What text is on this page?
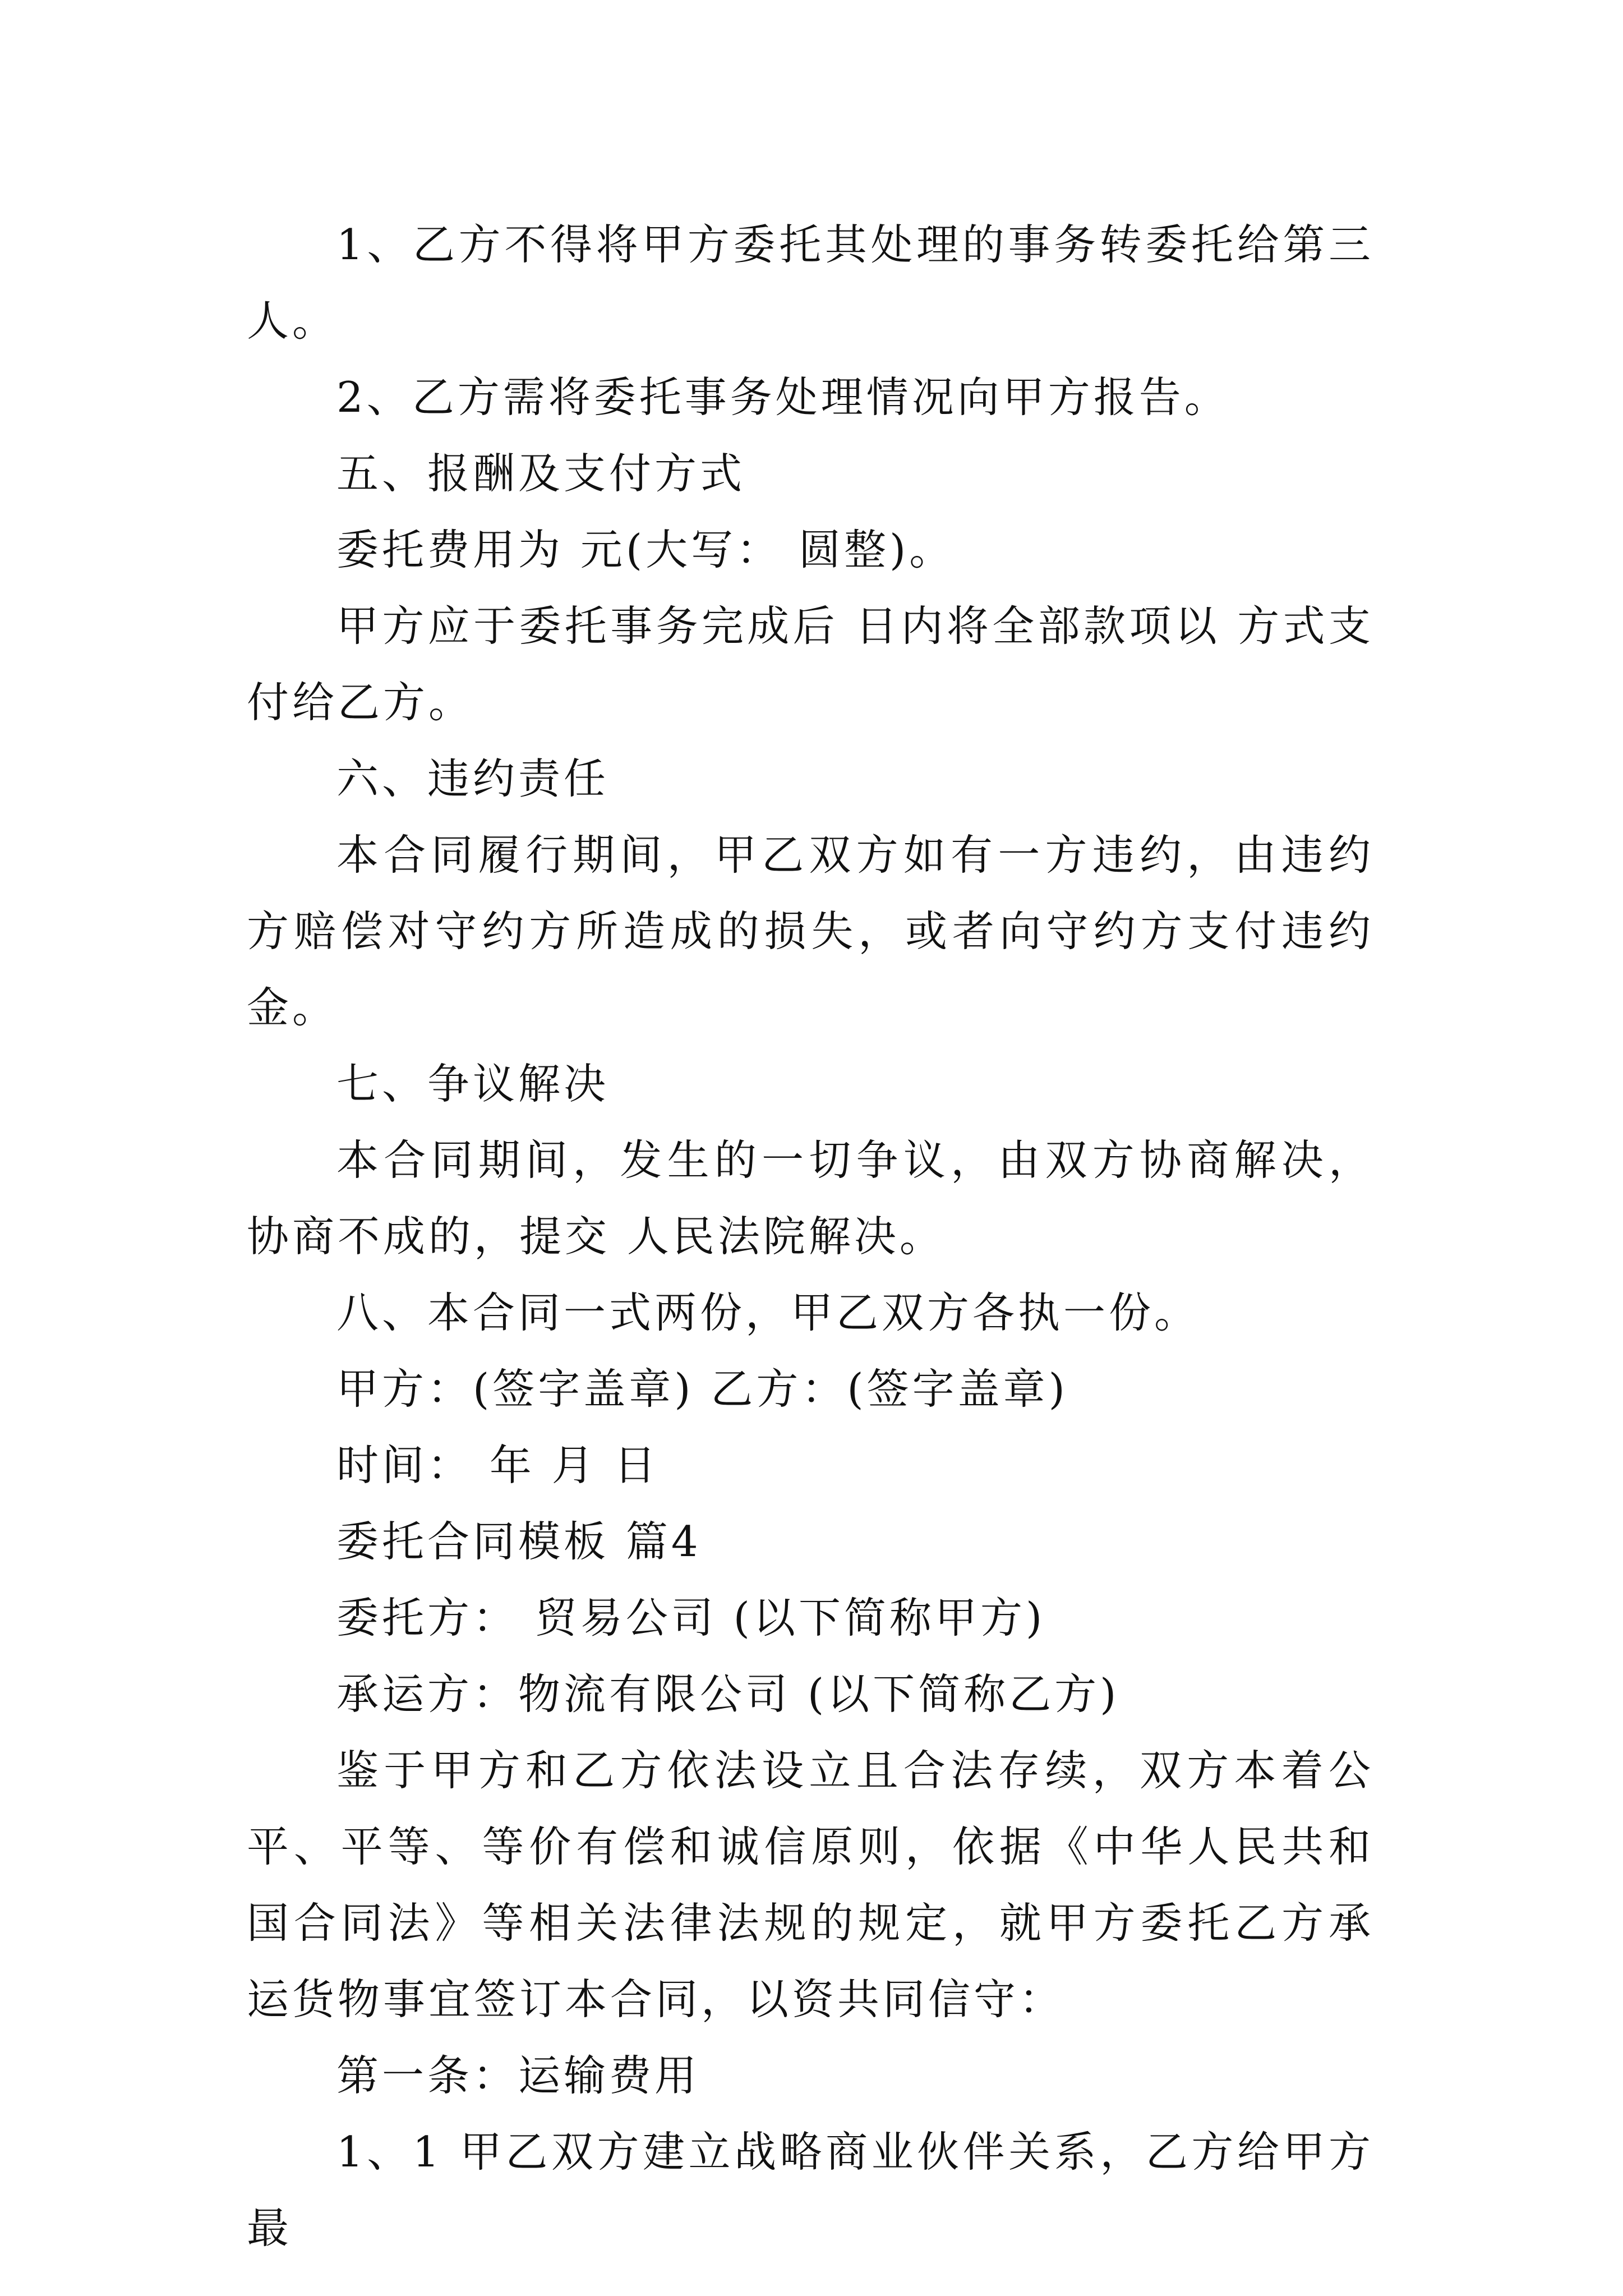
1、乙方不得将甲方委托其处理的事务转委托给第三人。

2、乙方需将委托事务处理情况向甲方报告。

五、报酬及支付方式

委托费用为 元(大写： 圆整)。

甲方应于委托事务完成后 日内将全部款项以 方式支付给乙方。

六、违约责任

本合同履行期间，甲乙双方如有一方违约，由违约方赔偿对守约方所造成的损失，或者向守约方支付违约金。

七、争议解决

本合同期间，发生的一切争议，由双方协商解决，协商不成的，提交 人民法院解决。

八、本合同一式两份，甲乙双方各执一份。

甲方：(签字盖章) 乙方：(签字盖章)

时间： 年 月 日

委托合同模板 篇4

委托方： 贸易公司 (以下简称甲方)

承运方：物流有限公司 (以下简称乙方)

鉴于甲方和乙方依法设立且合法存续，双方本着公平、平等、等价有偿和诚信原则，依据《中华人民共和国合同法》等相关法律法规的规定，就甲方委托乙方承运货物事宜签订本合同，以资共同信守：

第一条：运输费用

1、1 甲乙双方建立战略商业伙伴关系，乙方给甲方最
